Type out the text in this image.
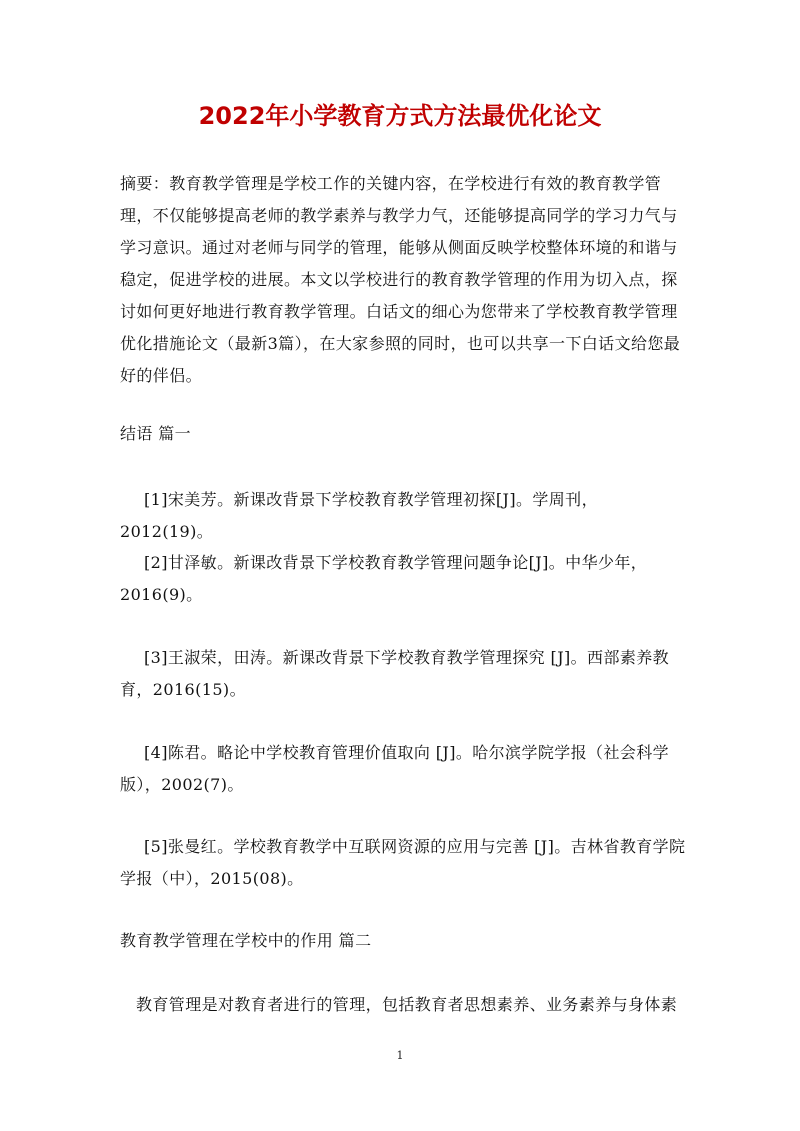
2022年小学教育方式方法最优化论文
摘要：教育教学管理是学校工作的关键内容，在学校进行有效的教育教学管理，不仅能够提高老师的教学素养与教学力气，还能够提高同学的学习力气与学习意识。通过对老师与同学的管理，能够从侧面反映学校整体环境的和谐与稳定，促进学校的进展。本文以学校进行的教育教学管理的作用为切入点，探讨如何更好地进行教育教学管理。白话文的细心为您带来了学校教育教学管理优化措施论文（最新3篇），在大家参照的同时，也可以共享一下白话文给您最好的伴侣。
结语 篇一
[1]宋美芳。新课改背景下学校教育教学管理初探[J]。学周刊，2012(19)。
[2]甘泽敏。新课改背景下学校教育教学管理问题争论[J]。中华少年，2016(9)。
[3]王淑荣，田涛。新课改背景下学校教育教学管理探究 [J]。西部素养教育，2016(15)。
[4]陈君。略论中学校教育管理价值取向 [J]。哈尔滨学院学报（社会科学版），2002(7)。
[5]张曼红。学校教育教学中互联网资源的应用与完善 [J]。吉林省教育学院学报（中），2015(08)。
教育教学管理在学校中的作用 篇二
教育管理是对教育者进行的管理，包括教育者思想素养、业务素养与身体素
1
